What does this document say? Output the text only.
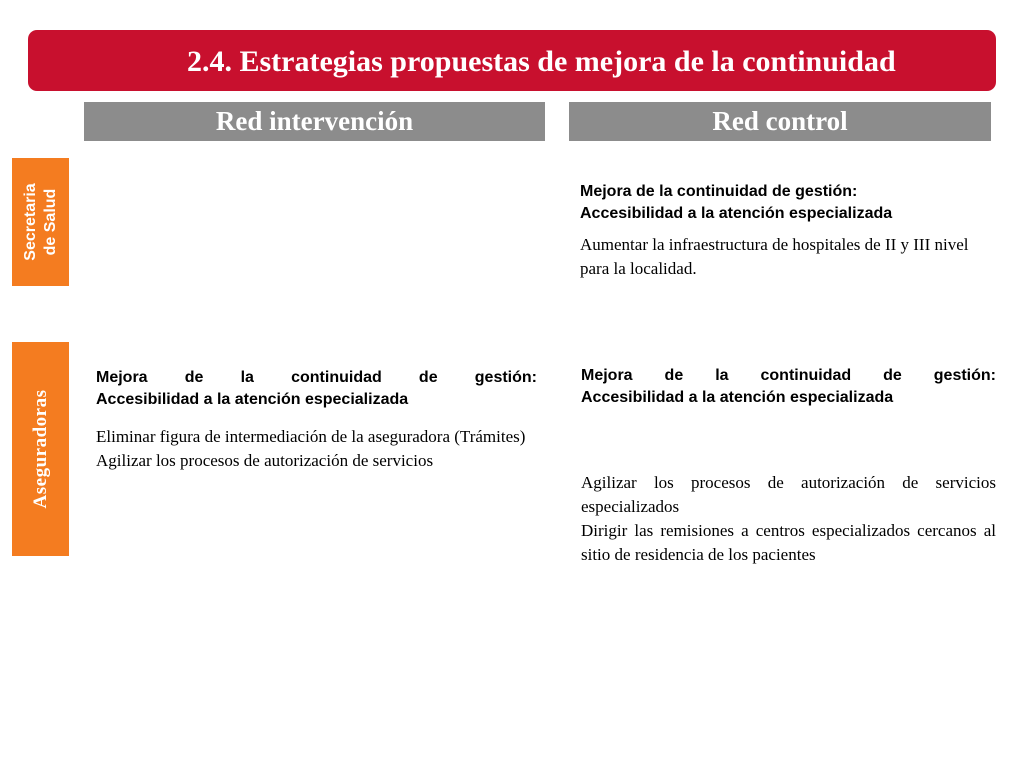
2.4. Estrategias propuestas de mejora de la continuidad
Red intervención	Red control
Secretaria de Salud
Aseguradoras
Mejora de la continuidad de gestión:
Accesibilidad a la atención especializada
Aumentar la infraestructura de hospitales de II y III nivel para la localidad.
Mejora de la continuidad de gestión:
Accesibilidad a la atención especializada
Eliminar figura de intermediación de la aseguradora (Trámites)
Agilizar los procesos de autorización de servicios
Mejora de la continuidad de gestión:
Accesibilidad a la atención especializada
Agilizar los procesos de autorización de servicios especializados
Dirigir las remisiones a centros especializados cercanos al sitio de residencia de los pacientes
